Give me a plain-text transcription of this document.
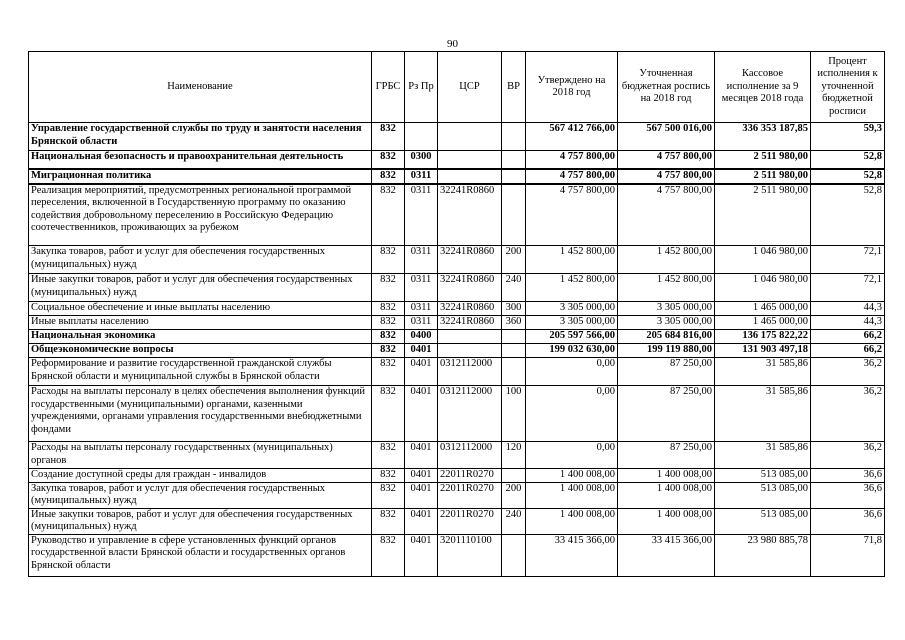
90
Наименование	ГРБС	Рз Пр	ЦСР	ВР	Утверждено на 2018 год	Уточненная бюджетная роспись на 2018 год	Кассовое исполнение за 9 месяцев 2018 года	Процент исполнения к уточненной бюджетной росписи
Управление государственной службы по труду и занятости населения Брянской области	832				567 412 766,00	567 500 016,00	336 353 187,85	59,3
Национальная безопасность и правоохранительная деятельность	832	0300			4 757 800,00	4 757 800,00	2 511 980,00	52,8
Миграционная политика	832	0311			4 757 800,00	4 757 800,00	2 511 980,00	52,8
Реализация мероприятий, предусмотренных региональной программой переселения, включенной в Государственную программу по оказанию содействия добровольному переселению в Российскую Федерацию соотечественников, проживающих за рубежом	832	0311	32241R0860		4 757 800,00	4 757 800,00	2 511 980,00	52,8
Закупка товаров, работ и услуг для обеспечения государственных (муниципальных) нужд	832	0311	32241R0860	200	1 452 800,00	1 452 800,00	1 046 980,00	72,1
Иные закупки товаров, работ и услуг для обеспечения государственных (муниципальных) нужд	832	0311	32241R0860	240	1 452 800,00	1 452 800,00	1 046 980,00	72,1
Социальное обеспечение и иные выплаты населению	832	0311	32241R0860	300	3 305 000,00	3 305 000,00	1 465 000,00	44,3
Иные выплаты населению	832	0311	32241R0860	360	3 305 000,00	3 305 000,00	1 465 000,00	44,3
Национальная экономика	832	0400			205 597 566,00	205 684 816,00	136 175 822,22	66,2
Общеэкономические вопросы	832	0401			199 032 630,00	199 119 880,00	131 903 497,18	66,2
Реформирование и развитие государственной гражданской службы Брянской области и муниципальной службы в Брянской области	832	0401	0312112000		0,00	87 250,00	31 585,86	36,2
Расходы на выплаты персоналу в целях обеспечения выполнения функций государственными (муниципальными) органами, казенными учреждениями, органами управления государственными внебюджетными фондами	832	0401	0312112000	100	0,00	87 250,00	31 585,86	36,2
Расходы на выплаты персоналу государственных (муниципальных) органов	832	0401	0312112000	120	0,00	87 250,00	31 585,86	36,2
Создание доступной среды для граждан - инвалидов	832	0401	22011R0270		1 400 008,00	1 400 008,00	513 085,00	36,6
Закупка товаров, работ и услуг для обеспечения государственных (муниципальных) нужд	832	0401	22011R0270	200	1 400 008,00	1 400 008,00	513 085,00	36,6
Иные закупки товаров, работ и услуг для обеспечения государственных (муниципальных) нужд	832	0401	22011R0270	240	1 400 008,00	1 400 008,00	513 085,00	36,6
Руководство и управление в сфере установленных функций органов государственной власти Брянской области и государственных органов Брянской области	832	0401	3201110100		33 415 366,00	33 415 366,00	23 980 885,78	71,8
